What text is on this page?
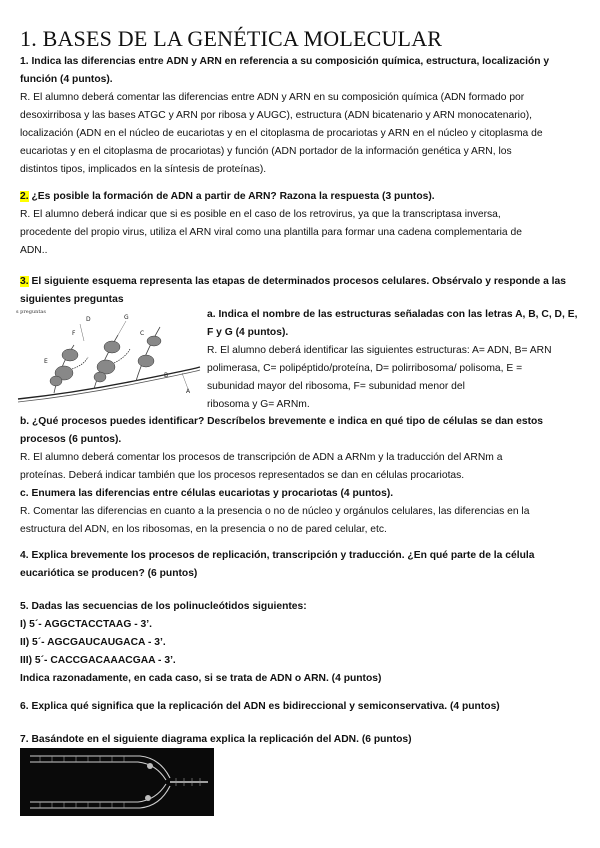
1. BASES DE LA GENÉTICA MOLECULAR
1. Indica las diferencias entre ADN y ARN en referencia a su composición química, estructura, localización y
función (4 puntos).
R. El alumno deberá comentar las diferencias entre ADN y ARN en su composición química (ADN formado por
desoxirribosa y las bases ATGC y ARN por ribosa y AUGC), estructura (ADN bicatenario y ARN monocatenario),
localización (ADN en el núcleo de eucariotas y en el citoplasma de procariotas y ARN en el núcleo y citoplasma de
eucariotas y en el citoplasma de procariotas) y función (ADN portador de la información genética y ARN, los
distintos tipos, implicados en la síntesis de proteínas).
2. ¿Es posible la formación de ADN a partir de ARN? Razona la respuesta (3 puntos).
R. El alumno deberá indicar que si es posible en el caso de los retrovirus, ya que la transcriptasa inversa,
procedente del propio virus, utiliza el ARN viral como una plantilla para formar una cadena complementaria de
ADN..
3. El siguiente esquema representa las etapas de determinados procesos celulares. Obsérvalo y responde a las
siguientes preguntas
s preguntas
A
B
C
D
E
F
G	a. Indica el nombre de las estructuras señaladas con las letras A, B, C, D, E,
F y G (4 puntos).
R. El alumno deberá identificar las siguientes estructuras: A= ADN, B= ARN
polimerasa, C= polipéptido/proteína, D= polirribosoma/ polisoma, E =
subunidad mayor del ribosoma, F= subunidad menor del
ribosoma y G= ARNm.
b. ¿Qué procesos puedes identificar? Descríbelos brevemente e indica en qué tipo de células se dan estos
procesos (6 puntos).
R. El alumno deberá comentar los procesos de transcripción de ADN a ARNm y la traducción del ARNm a
proteínas. Deberá indicar también que los procesos representados se dan en células procariotas.
c. Enumera las diferencias entre células eucariotas y procariotas (4 puntos).
R. Comentar las diferencias en cuanto a la presencia o no de núcleo y orgánulos celulares, las diferencias en la
estructura del ADN, en los ribosomas, en la presencia o no de pared celular, etc.
4. Explica brevemente los procesos de replicación, transcripción y traducción. ¿En qué parte de la célula
eucariótica se producen? (6 puntos)
5. Dadas las secuencias de los polinucleótidos siguientes:
I) 5´- AGGCTACCTAAG - 3’.
II) 5´- AGCGAUCAUGACA - 3’.
III) 5´- CACCGACAAACGAA - 3’.
Indica razonadamente, en cada caso, si se trata de ADN o ARN. (4 puntos)
6. Explica qué significa que la replicación del ADN es bidireccional y semiconservativa. (4 puntos)
7. Basándote en el siguiente diagrama explica la replicación del ADN. (6 puntos)
